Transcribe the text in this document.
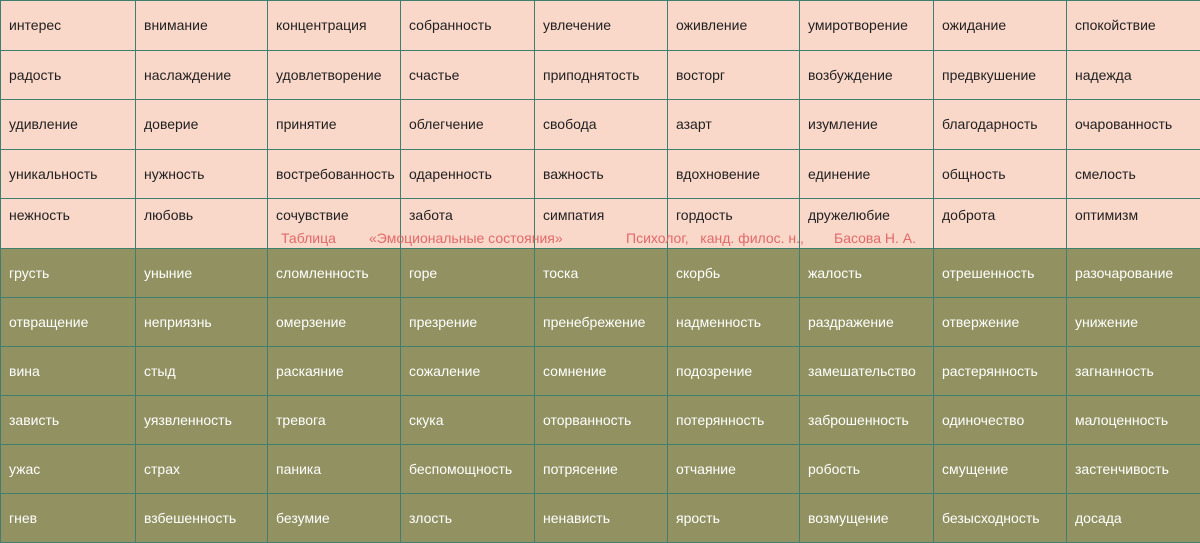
интерес	внимание	концентрация	собранность	увлечение	оживление	умиротворение	ожидание	спокойствие
радость	наслаждение	удовлетворение	счастье	приподнятость	восторг	возбуждение	предвкушение	надежда
удивление	доверие	принятие	облегчение	свобода	азарт	изумление	благодарность	очарованность
уникальность	нужность	востребованность	одаренность	важность	вдохновение	единение	общность	смелость
нежность	любовь	сочувствие	забота	симпатия	гордость	дружелюбие	доброта	оптимизм
грусть	уныние	сломленность	горе	тоска	скорбь	жалость	отрешенность	разочарование
отвращение	неприязнь	омерзение	презрение	пренебрежение	надменность	раздражение	отвержение	унижение
вина	стыд	раскаяние	сожаление	сомнение	подозрение	замешательство	растерянность	загнанность
зависть	уязвленность	тревога	скука	оторванность	потерянность	заброшенность	одиночество	малоценность
ужас	страх	паника	беспомощность	потрясение	отчаяние	робость	смущение	застенчивость
гнев	взбешенность	безумие	злость	ненависть	ярость	возмущение	безысходность	досада

Таблица

«Эмоциональные состояния»

	Психолог,   канд. филос. н.,

Басова Н. А.
